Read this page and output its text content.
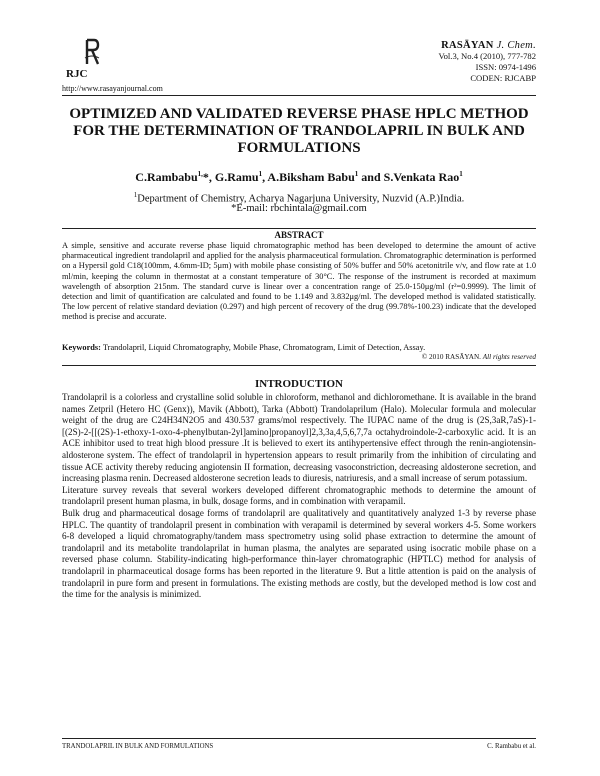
RJC
http://www.rasayanjournal.com
RASĀYAN J. Chem.
Vol.3, No.4 (2010), 777-782
ISSN: 0974-1496
CODEN: RJCABP
OPTIMIZED AND VALIDATED REVERSE PHASE HPLC METHOD FOR THE DETERMINATION OF TRANDOLAPRIL IN BULK AND FORMULATIONS
C.Rambabu$^{1,}$*, G.Ramu$^1$, A.Biksham Babu$^1$ and S.Venkata Rao$^1$
$^1$Department of Chemistry, Acharya Nagarjuna University, Nuzvid (A.P.)India.
*E-mail: rbchintala@gmail.com
ABSTRACT
A simple, sensitive and accurate reverse phase liquid chromatographic method has been developed to determine the amount of active pharmaceutical ingredient trandolapril and applied for the analysis pharmaceutical formulation. Chromatographic determination is performed on a Hypersil gold C18(100mm, 4.6mm-ID; 5μm) with mobile phase consisting of 50% buffer and 50% acetonitrile v/v, and flow rate at 1.0 ml/min, keeping the column in thermostat at a constant temperature of 30°C. The response of the instrument is recorded at maximum wavelength of absorption 215nm. The standard curve is linear over a concentration range of 25.0-150μg/ml (r²=0.9999). The limit of detection and limit of quantification are calculated and found to be 1.149 and 3.832μg/ml. The developed method is validated statistically. The low percent of relative standard deviation (0.297) and high percent of recovery of the drug (99.78%-100.23) indicate that the developed method is precise and accurate.
Keywords: Trandolapril, Liquid Chromatography, Mobile Phase, Chromatogram, Limit of Detection, Assay.
© 2010 RASĀYAN. All rights reserved
INTRODUCTION

Trandolapril is a colorless and crystalline solid soluble in chloroform, methanol and dichloromethane. It is available in the brand names Zetpril (Hetero HC (Genx)), Mavik (Abbott), Tarka (Abbott) Trandolaprilum (Halo). Molecular formula and molecular weight of the drug are C24H34N2O5 and 430.537 grams/mol respectively. The IUPAC name of the drug is (2S,3aR,7aS)-1-[(2S)-2-[[(2S)-1-ethoxy-1-oxo-4-phenylbutan-2yl]amino]propanoyl]2,3,3a,4,5,6,7,7a octahydroindole-2-carboxylic acid. It is an ACE inhibitor used to treat high blood pressure .It is believed to exert its antihypertensive effect through the renin-angiotensin-aldosterone system. The effect of trandolapril in hypertension appears to result primarily from the inhibition of circulating and tissue ACE activity thereby reducing angiotensin II formation, decreasing vasoconstriction, decreasing aldosterone secretion, and increasing plasma renin. Decreased aldosterone secretion leads to diuresis, natriuresis, and a small increase of serum potassium.

Literature survey reveals that several workers developed different chromatographic methods to determine the amount of trandolapril present human plasma, in bulk, dosage forms, and in combination with verapamil.

Bulk drug and pharmaceutical dosage forms of trandolapril are qualitatively and quantitatively analyzed 1-3 by reverse phase HPLC. The quantity of trandolapril present in combination with verapamil is determined by several workers 4-5. Some workers 6-8 developed a liquid chromatography/tandem mass spectrometry using solid phase extraction to determine the amount of trandolapril and its metabolite trandolaprilat in human plasma, the analytes are separated using isocratic mobile phase on a reversed phase column. Stability-indicating high-performance thin-layer chromatographic (HPTLC) method for analysis of trandolapril in pharmaceutical dosage forms has been reported in the literature 9. But a little attention is paid on the analysis of trandolapril in pure form and present in formulations. The existing methods are costly, but the developed method is low cost and the time for the analysis is minimized.

TRANDOLAPRIL IN BULK AND FORMULATIONS	C. Rambabu et al.
